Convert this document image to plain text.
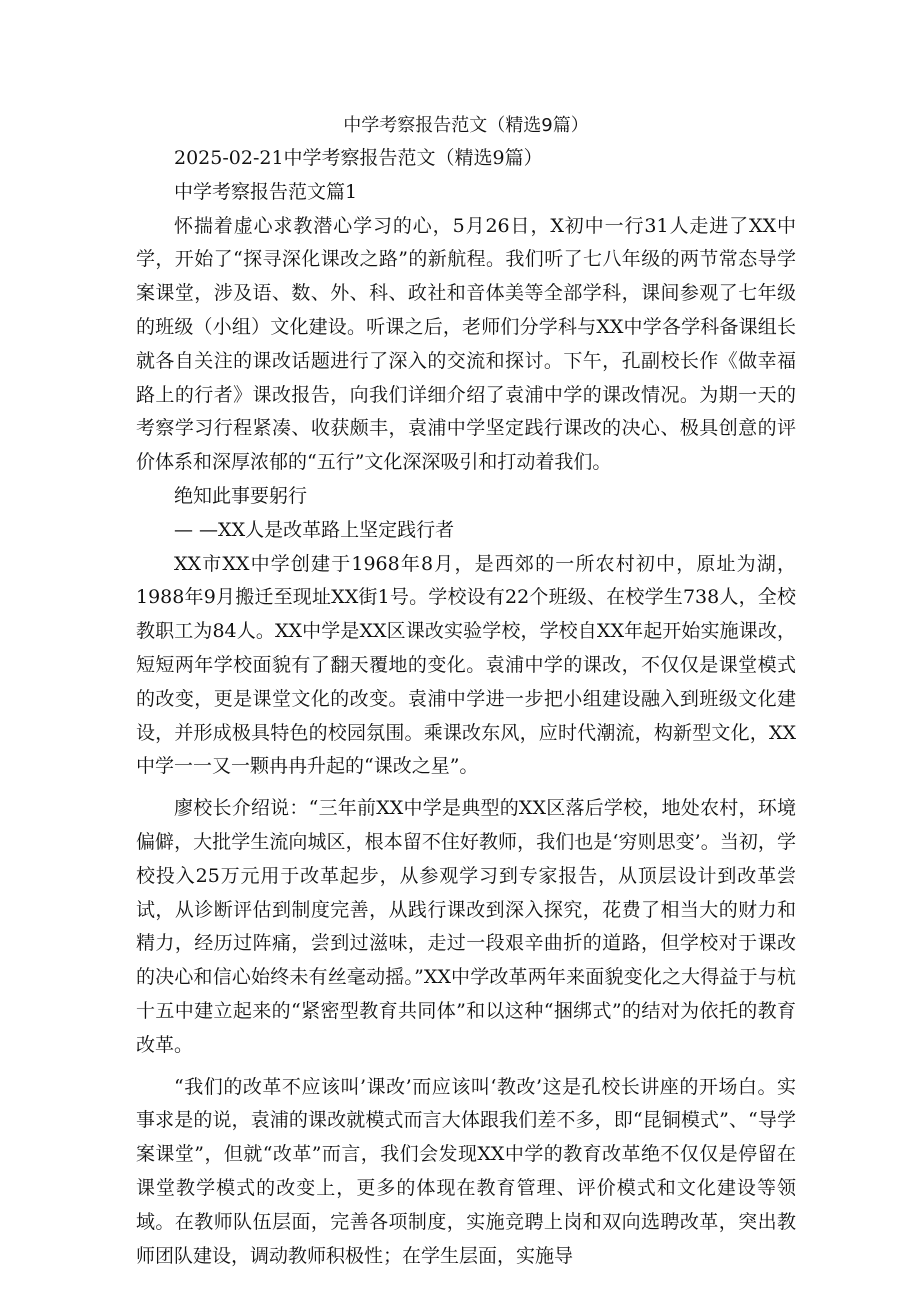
中学考察报告范文（精选9篇）

2025-02-21中学考察报告范文（精选9篇）

中学考察报告范文篇1

怀揣着虚心求教潜心学习的心，5月26日，X初中一行31人走进了XX中学，开始了“探寻深化课改之路”的新航程。我们听了七八年级的两节常态导学案课堂，涉及语、数、外、科、政社和音体美等全部学科，课间参观了七年级的班级（小组）文化建设。听课之后，老师们分学科与XX中学各学科备课组长就各自关注的课改话题进行了深入的交流和探讨。下午，孔副校长作《做幸福路上的行者》课改报告，向我们详细介绍了袁浦中学的课改情况。为期一天的考察学习行程紧凑、收获颇丰，袁浦中学坚定践行课改的决心、极具创意的评价体系和深厚浓郁的“五行”文化深深吸引和打动着我们。

绝知此事要躬行

— —XX人是改革路上坚定践行者

XX市XX中学创建于1968年8月，是西郊的一所农村初中，原址为湖，1988年9月搬迁至现址XX街1号。学校设有22个班级、在校学生738人，全校教职工为84人。XX中学是XX区课改实验学校，学校自XX年起开始实施课改，短短两年学校面貌有了翻天覆地的变化。袁浦中学的课改，不仅仅是课堂模式的改变，更是课堂文化的改变。袁浦中学进一步把小组建设融入到班级文化建设，并形成极具特色的校园氛围。乘课改东风，应时代潮流，构新型文化，XX中学一一又一颗冉冉升起的“课改之星”。

廖校长介绍说：“三年前XX中学是典型的XX区落后学校，地处农村，环境偏僻，大批学生流向城区，根本留不住好教师，我们也是‘穷则思变’。当初，学校投入25万元用于改革起步，从参观学习到专家报告，从顶层设计到改革尝试，从诊断评估到制度完善，从践行课改到深入探究，花费了相当大的财力和精力，经历过阵痛，尝到过滋味，走过一段艰辛曲折的道路，但学校对于课改的决心和信心始终未有丝毫动摇。”XX中学改革两年来面貌变化之大得益于与杭十五中建立起来的“紧密型教育共同体”和以这种“捆绑式”的结对为依托的教育改革。

“我们的改革不应该叫’课改’而应该叫‘教改’这是孔校长讲座的开场白。实事求是的说，袁浦的课改就模式而言大体跟我们差不多，即“昆铜模式”、“导学案课堂”，但就“改革”而言，我们会发现XX中学的教育改革绝不仅仅是停留在课堂教学模式的改变上，更多的体现在教育管理、评价模式和文化建设等领域。在教师队伍层面，完善各项制度，实施竞聘上岗和双向选聘改革，突出教师团队建设，调动教师积极性；在学生层面，实施导
